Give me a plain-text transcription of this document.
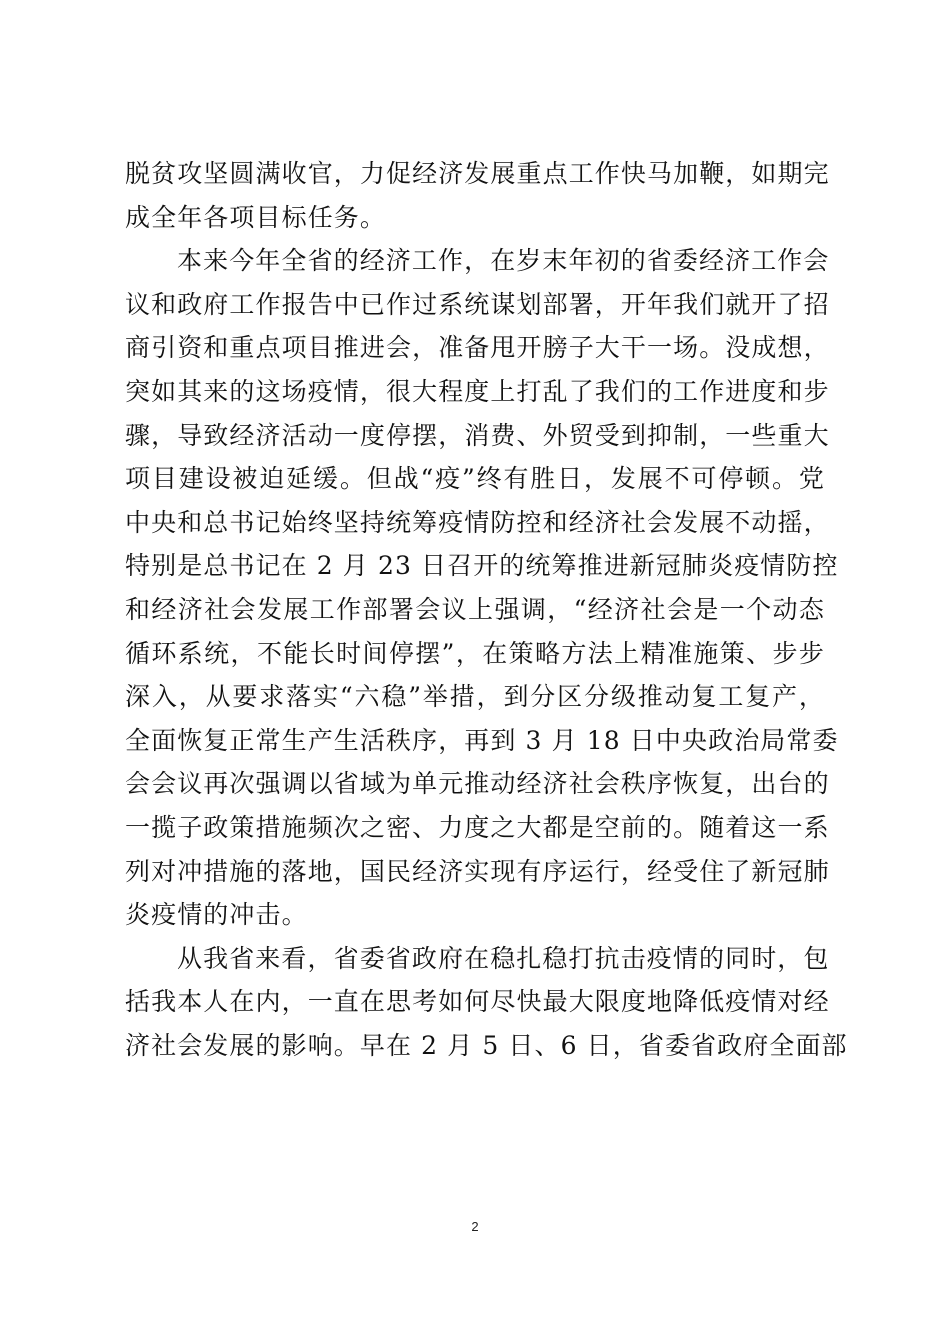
脱贫攻坚圆满收官，力促经济发展重点工作快马加鞭，如期完
成全年各项目标任务。

本来今年全省的经济工作，在岁末年初的省委经济工作会
议和政府工作报告中已作过系统谋划部署，开年我们就开了招
商引资和重点项目推进会，准备甩开膀子大干一场。没成想，
突如其来的这场疫情，很大程度上打乱了我们的工作进度和步
骤，导致经济活动一度停摆，消费、外贸受到抑制，一些重大
项目建设被迫延缓。但战“疫”终有胜日，发展不可停顿。党
中央和总书记始终坚持统筹疫情防控和经济社会发展不动摇，
特别是总书记在 2 月 23 日召开的统筹推进新冠肺炎疫情防控
和经济社会发展工作部署会议上强调，“经济社会是一个动态
循环系统，不能长时间停摆”，在策略方法上精准施策、步步
深入，从要求落实“六稳”举措，到分区分级推动复工复产，
全面恢复正常生产生活秩序，再到 3 月 18 日中央政治局常委
会会议再次强调以省域为单元推动经济社会秩序恢复，出台的
一揽子政策措施频次之密、力度之大都是空前的。随着这一系
列对冲措施的落地，国民经济实现有序运行，经受住了新冠肺
炎疫情的冲击。

从我省来看，省委省政府在稳扎稳打抗击疫情的同时，包
括我本人在内，一直在思考如何尽快最大限度地降低疫情对经
济社会发展的影响。早在 2 月 5 日、6 日，省委省政府全面部

2
